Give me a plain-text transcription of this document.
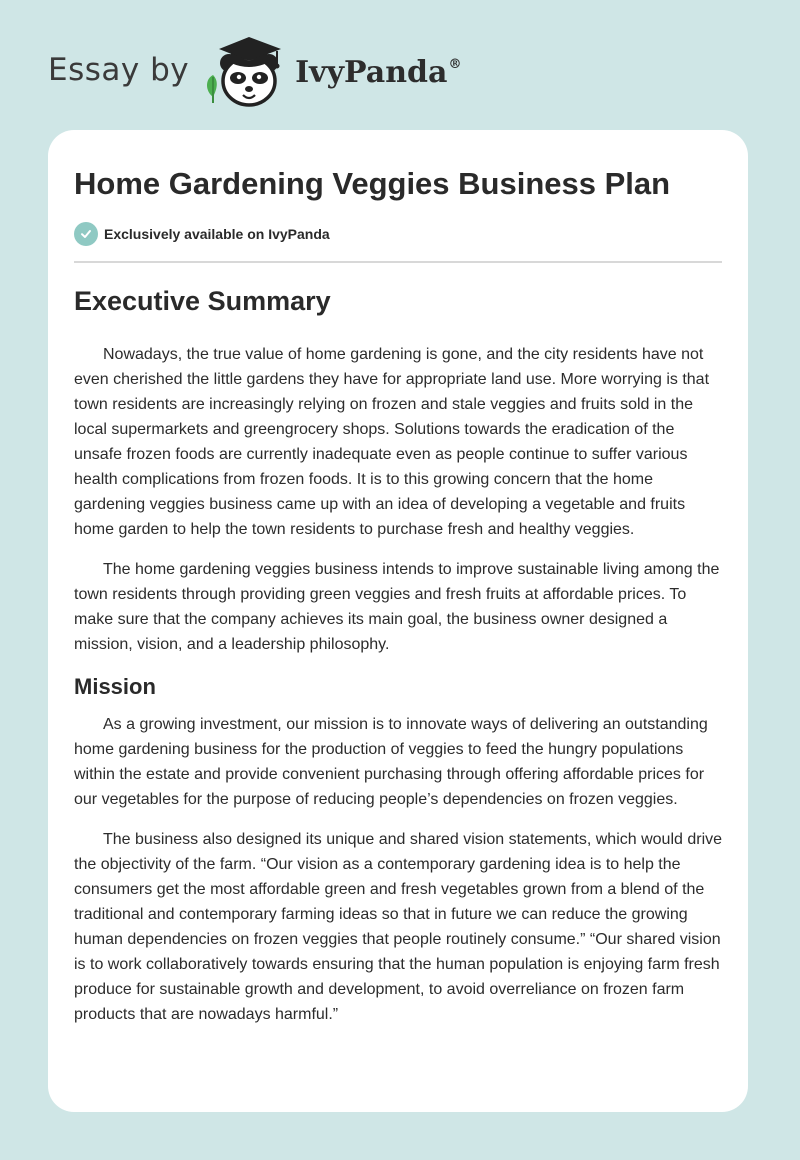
Essay by	IvyPanda®
Home Gardening Veggies Business Plan
Exclusively available on IvyPanda
Executive Summary

Nowadays, the true value of home gardening is gone, and the city residents have not even cherished the little gardens they have for appropriate land use. More worrying is that town residents are increasingly relying on frozen and stale veggies and fruits sold in the local supermarkets and greengrocery shops. Solutions towards the eradication of the unsafe frozen foods are currently inadequate even as people continue to suffer various health complications from frozen foods. It is to this growing concern that the home gardening veggies business came up with an idea of developing a vegetable and fruits home garden to help the town residents to purchase fresh and healthy veggies.

The home gardening veggies business intends to improve sustainable living among the town residents through providing green veggies and fresh fruits at affordable prices. To make sure that the company achieves its main goal, the business owner designed a mission, vision, and a leadership philosophy.

Mission

As a growing investment, our mission is to innovate ways of delivering an outstanding home gardening business for the production of veggies to feed the hungry populations within the estate and provide convenient purchasing through offering affordable prices for our vegetables for the purpose of reducing people’s dependencies on frozen veggies.

The business also designed its unique and shared vision statements, which would drive the objectivity of the farm. “Our vision as a contemporary gardening idea is to help the consumers get the most affordable green and fresh vegetables grown from a blend of the traditional and contemporary farming ideas so that in future we can reduce the growing human dependencies on frozen veggies that people routinely consume.” “Our shared vision is to work collaboratively towards ensuring that the human population is enjoying farm fresh produce for sustainable growth and development, to avoid overreliance on frozen farm products that are nowadays harmful.”
